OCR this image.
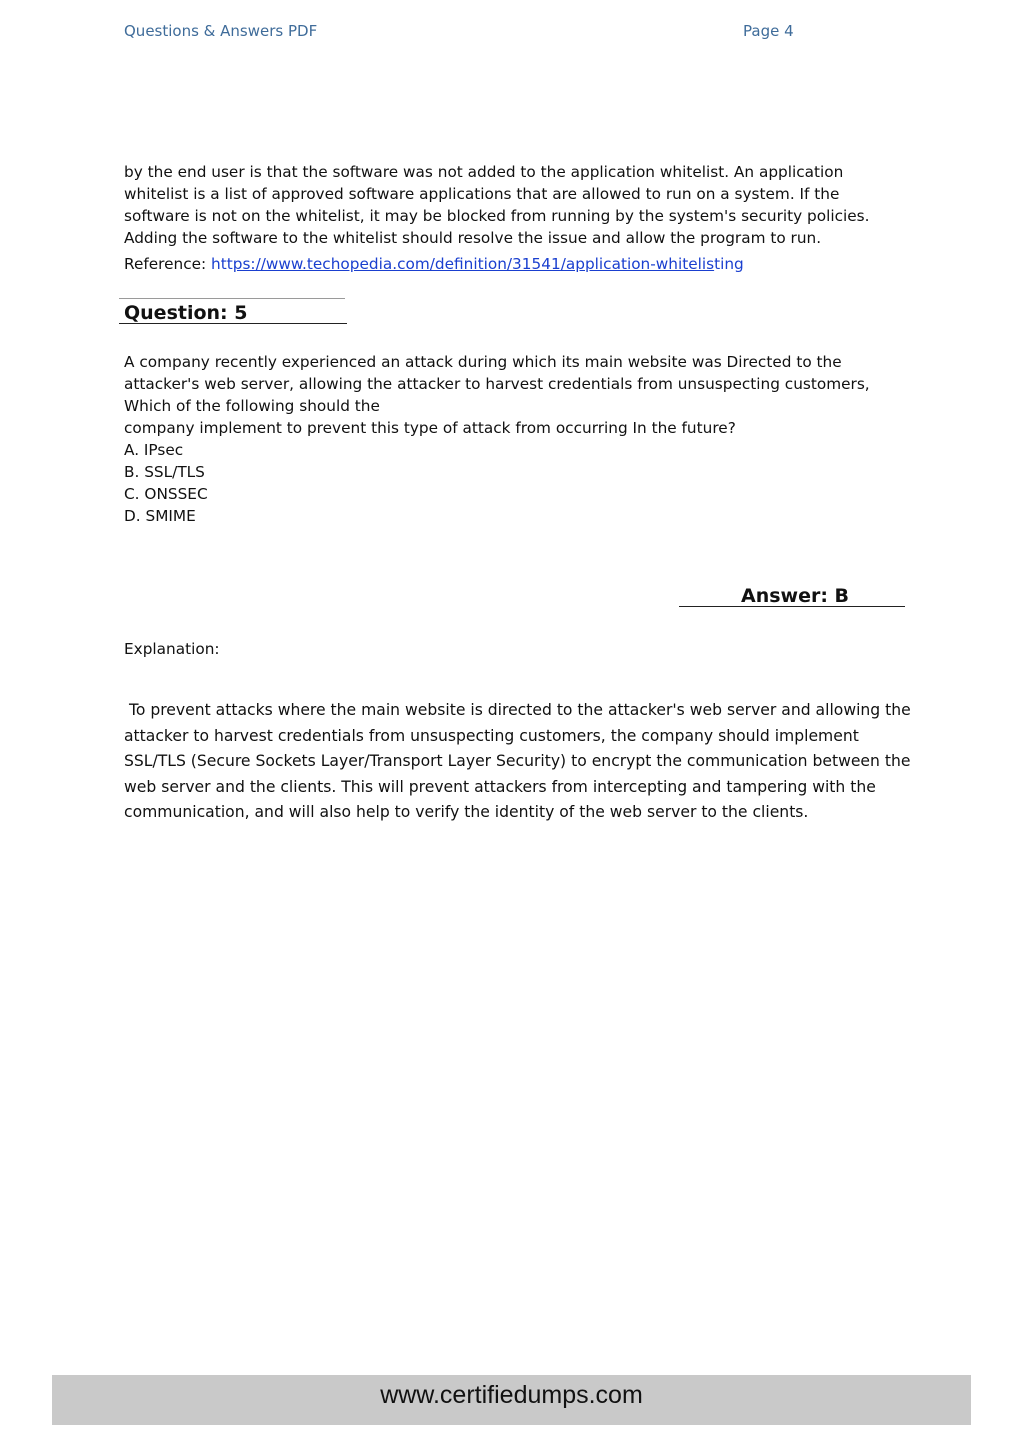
Questions & Answers PDF	Page 4
by the end user is that the software was not added to the application whitelist. An application
whitelist is a list of approved software applications that are allowed to run on a system. If the
software is not on the whitelist, it may be blocked from running by the system's security policies.
Adding the software to the whitelist should resolve the issue and allow the program to run.
Reference: https://www.techopedia.com/definition/31541/application-whitelisting
Question: 5
A company recently experienced an attack during which its main website was Directed to the
attacker's web server, allowing the attacker to harvest credentials from unsuspecting customers,
Which of the following should the
company implement to prevent this type of attack from occurring In the future?
A. IPsec
B. SSL/TLS
C. ONSSEC
D. SMIME
Answer: B
Explanation:
To prevent attacks where the main website is directed to the attacker's web server and allowing the
attacker to harvest credentials from unsuspecting customers, the company should implement
SSL/TLS (Secure Sockets Layer/Transport Layer Security) to encrypt the communication between the
web server and the clients. This will prevent attackers from intercepting and tampering with the
communication, and will also help to verify the identity of the web server to the clients.
www.certifiedumps.com
